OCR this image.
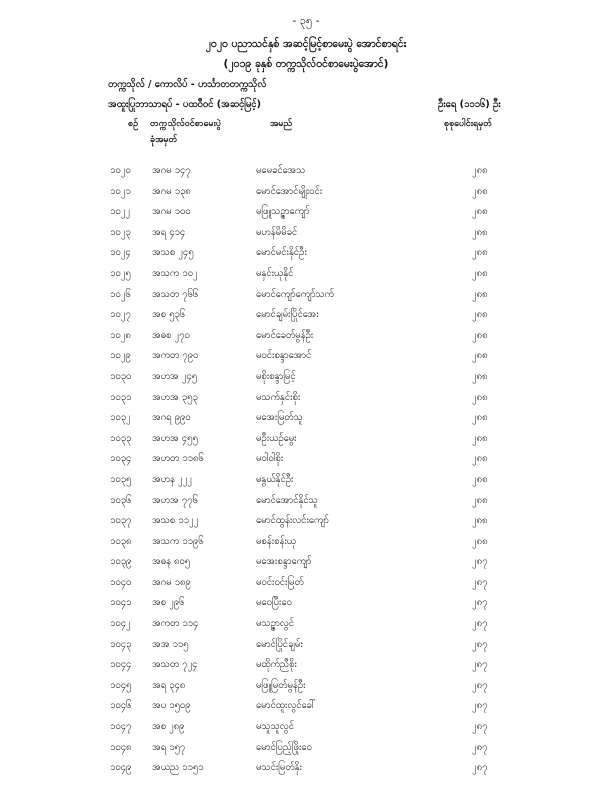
- ၃၅ -
၂၀၂၀ ပညာသင်နှစ် အဆင့်မြင့်စာမေးပွဲ အောင်စာရင်း
(၂၀၁၉ ခုနှစ် တက္ကသိုလ်ဝင်စာမေးပွဲအောင်)
တက္ကသိုလ် / ကောလိပ် - ဟင်္သာတတက္ကသိုလ်
အထူးပြုဘာသာရပ် - ပထဝီဝင် (အဆင့်မြင့်)	ဦးရေ (၁၁၁၆) ဦး
စဉ် တက္ကသိုလ်ဝင်စာမေးပွဲ
ခုံအမှတ်
အမည်	စုစုပေါင်းရမှတ်
၁၀၂၀ အဂမ ၁၄၇	မမေခင်အေသ	၂၈၈
၁၀၂၁ အဂမ ၁၃၈	မောင်အောင်မျိုးဝင်း	၂၈၈
၁၀၂၂ အဂမ ၁၀၀	မဖြူသဉ္ဇာကျော်	၂၈၈
၁၀၂၃ အရ ၄၁၄	မဟန်မိမိခင်	၂၈၈
၁၀၂၄ အသစ ၂၄၅	မောင်မင်းနိုင်ဦး	၂၈၈
၁၀၂၅ အသက ၁၀၂	မနှင်းယုနိုင်	၂၈၈
၁၀၂၆ အသတ ၇၆၆	မောင်ကျော်ကျော်သက်	၂၈၈
၁၀၂၇ အစ ၅၃၆	မောင်ချမ်းပြိုင်အေး	၂၈၈
၁၀၂၈ အဓစ ၂၇၀	မောင်ခေတ်မွန်ဦး	၂၈၈
၁၀၂၉ အကတ ၇၉၀	မဝင်းစန္ဒာအောင်	၂၈၈
၁၀၃၀ အဟအ ၂၄၅	မစိုးစန္ဒာမြင့်	၂၈၈
၁၀၃၁ အဟအ ၃၅၃	မသက်နှင်းစိုး	၂၈၈
၁၀၃၂ အဂရ ၉၉၀	မအေးမြတ်သူ	၂၈၈
၁၀၃၃ အဟအ ၄၅၅	မဦးယဉ်မွေး	၂၈၈
၁၀၃၄ အဟတ ၁၁၈၆	မဝါဝါစိုး	၂၈၈
၁၀၃၅ အဟန ၂၂၂	မနွယ်နိုင်ဦး	၂၈၈
၁၀၃၆ အဟအ ၇၇၆	မောင်အောင်နိုင်သူ	၂၈၈
၁၀၃၇ အသစ ၁၁၂၂	မောင်ထွန်းလင်းကျော်	၂၈၈
၁၀၃၈ အသက ၁၁၉၆	မစန်းစန်းယု	၂၈၈
၁၀၃၉ အဓန ၈၀၅	မအေးစန္ဒာကျော်	၂၈၇
၁၀၄၀ အဂမ ၁၈၉	မဝင်းဝင်းမြတ်	၂၈၇
၁၀၄၁ အစ ၂၉၆	မဝေပြီးဝေ	၂၈၇
၁၀၄၂ အကတ ၁၁၄	မသဉ္ဇာလွင်	၂၈၇
၁၀၄၃ အအ ၁၁၅	မောင်ပြိုင်ချမ်း	၂၈၇
၁၀၄၄ အသတ ၇၂၄	မထိုက်ညီစိုး	၂၈၇
၁၀၄၅ အရ ၃၄၈	မဖြူမြတ်မွန်ဦး	၂၈၇
၁၀၄၆ အပ ၁၅၀၉	မောင်ထူးလွင်ခေါ်	၂၈၇
၁၀၄၇ အစ ၂၈၉	မသူသူလွင်	၂၈၇
၁၀၄၈ အရ ၁၅၇	မောင်ပြည့်ဖြိုးဝေ	၂၈၇
၁၀၄၉ အယည ၁၁၅၁	မသင်းမြတ်နိုး	၂၈၇
